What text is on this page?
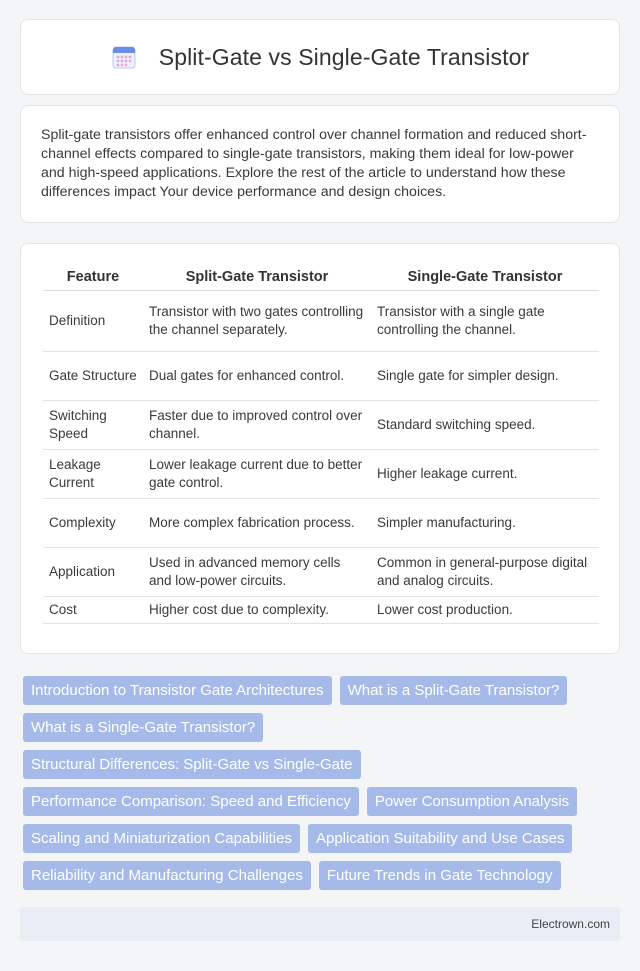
Split-Gate vs Single-Gate Transistor

Split-gate transistors offer enhanced control over channel formation and reduced short-channel effects compared to single-gate transistors, making them ideal for low-power and high-speed applications. Explore the rest of the article to understand how these differences impact Your device performance and design choices.

Feature	Split-Gate Transistor	Single-Gate Transistor
Definition	Transistor with two gates controlling the channel separately.	Transistor with a single gate controlling the channel.
Gate Structure	Dual gates for enhanced control.	Single gate for simpler design.
Switching Speed	Faster due to improved control over channel.	Standard switching speed.
Leakage Current	Lower leakage current due to better gate control.	Higher leakage current.
Complexity	More complex fabrication process.	Simpler manufacturing.
Application	Used in advanced memory cells and low-power circuits.	Common in general-purpose digital and analog circuits.
Cost	Higher cost due to complexity.	Lower cost production.
Introduction to Transistor Gate Architectures	What is a Split-Gate Transistor?
What is a Single-Gate Transistor?
Structural Differences: Split-Gate vs Single-Gate
Performance Comparison: Speed and Efficiency	Power Consumption Analysis
Scaling and Miniaturization Capabilities	Application Suitability and Use Cases
Reliability and Manufacturing Challenges	Future Trends in Gate Technology
Electrown.com
